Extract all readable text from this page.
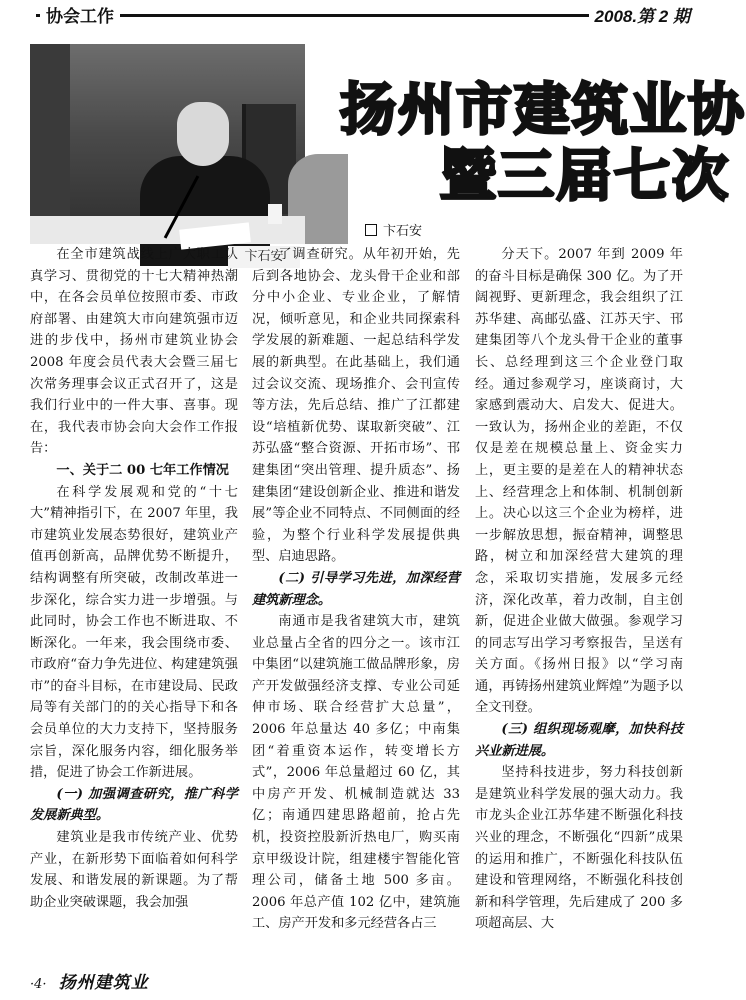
协会工作	2008.第 2 期
卞石安
扬州市建筑业协
暨三届七次
卞石安

在全市建筑战线上广大职工认真学习、贯彻党的十七大精神热潮中，在各会员单位按照市委、市政府部署、由建筑大市向建筑强市迈进的步伐中，扬州市建筑业协会 2008 年度会员代表大会暨三届七次常务理事会议正式召开了，这是我们行业中的一件大事、喜事。现在，我代表市协会向大会作工作报告：

一、关于二 00 七年工作情况

在科学发展观和党的“十七大”精神指引下，在 2007 年里，我市建筑业发展态势很好，建筑业产值再创新高，品牌优势不断提升，结构调整有所突破，改制改革进一步深化，综合实力进一步增强。与此同时，协会工作也不断进取、不断深化。一年来，我会围绕市委、市政府“奋力争先进位、构建建筑强市”的奋斗目标，在市建设局、民政局等有关部门的的关心指导下和各会员单位的大力支持下，坚持服务宗旨，深化服务内容，细化服务举措，促进了协会工作新进展。

(一) 加强调查研究，推广科学发展新典型。

建筑业是我市传统产业、优势产业，在新形势下面临着如何科学发展、和谐发展的新课题。为了帮助企业突破课题，我会加强

了调查研究。从年初开始，先后到各地协会、龙头骨干企业和部分中小企业、专业企业，了解情况，倾听意见，和企业共同探索科学发展的新难题、一起总结科学发展的新典型。在此基础上，我们通过会议交流、现场推介、会刊宣传等方法，先后总结、推广了江都建设“培植新优势、谋取新突破”、江苏弘盛“整合资源、开拓市场”、邗建集团“突出管理、提升质态”、扬建集团“建设创新企业、推进和谐发展”等企业不同特点、不同侧面的经验，为整个行业科学发展提供典型、启迪思路。

(二) 引导学习先进，加深经营建筑新理念。

南通市是我省建筑大市，建筑业总量占全省的四分之一。该市江中集团“以建筑施工做品牌形象，房产开发做强经济支撑、专业公司延伸市场、联合经营扩大总量”，2006 年总量达 40 多亿；中南集团“着重资本运作，转变增长方式”，2006 年总量超过 60 亿，其中房产开发、机械制造就达 33 亿；南通四建思路超前，抢占先机，投资控股新沂热电厂，购买南京甲级设计院，组建楼宇智能化管理公司，储备土地 500 多亩。2006 年总产值 102 亿中，建筑施工、房产开发和多元经营各占三

分天下。2007 年到 2009 年的奋斗目标是确保 300 亿。为了开阔视野、更新理念，我会组织了江苏华建、高邮弘盛、江苏天宇、邗建集团等八个龙头骨干企业的董事长、总经理到这三个企业登门取经。通过参观学习，座谈商讨，大家感到震动大、启发大、促进大。一致认为，扬州企业的差距，不仅仅是差在规模总量上、资金实力上，更主要的是差在人的精神状态上、经营理念上和体制、机制创新上。决心以这三个企业为榜样，进一步解放思想，振奋精神，调整思路，树立和加深经营大建筑的理念，采取切实措施，发展多元经济，深化改革，着力改制，自主创新，促进企业做大做强。参观学习的同志写出学习考察报告，呈送有关方面。《扬州日报》以“学习南通，再铸扬州建筑业辉煌”为题予以全文刊登。

(三) 组织现场观摩，加快科技兴业新进展。

坚持科技进步，努力科技创新是建筑业科学发展的强大动力。我市龙头企业江苏华建不断强化科技兴业的理念，不断强化“四新”成果的运用和推广，不断强化科技队伍建设和管理网络，不断强化科技创新和科学管理，先后建成了 200 多项超高层、大

·4· 扬州建筑业
